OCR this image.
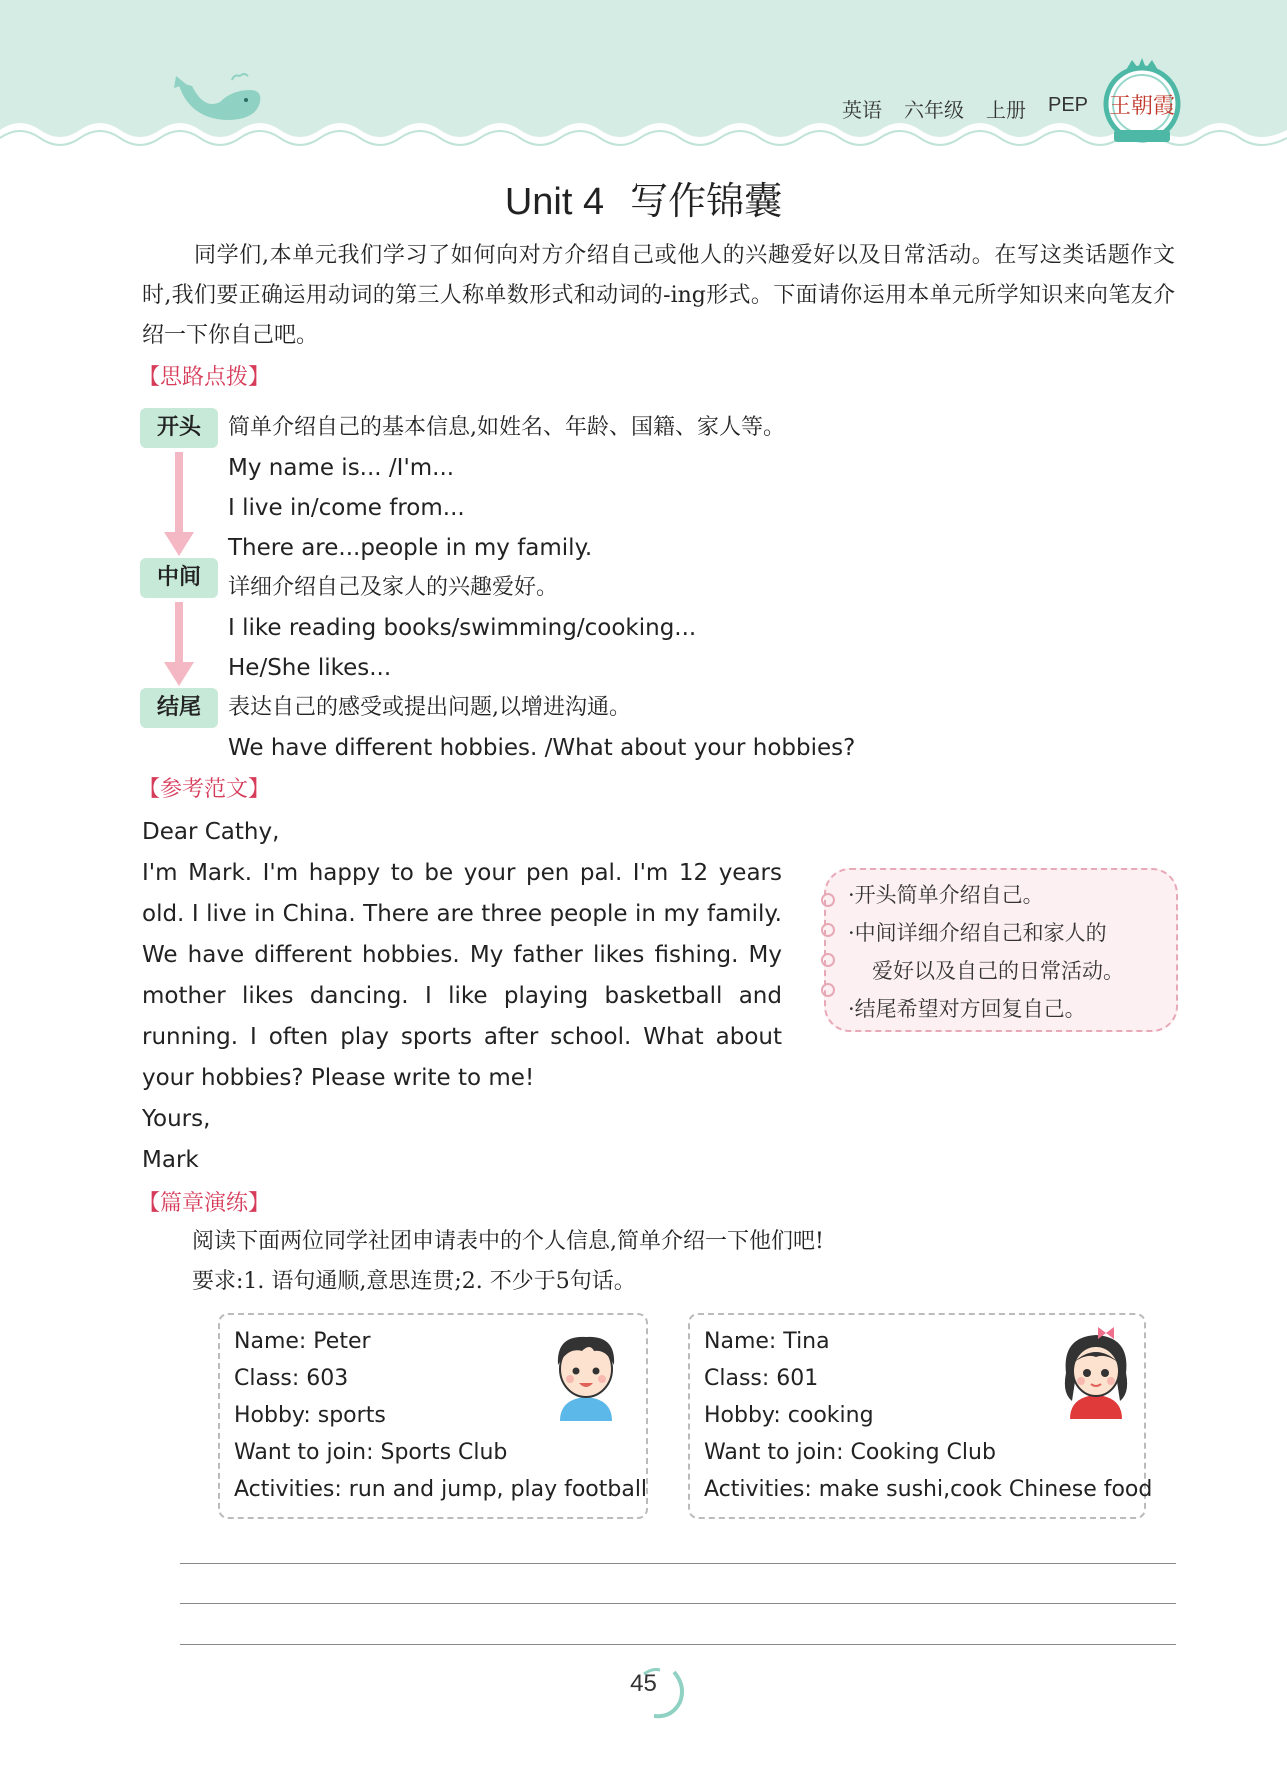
英语 六年级 上册 PEP 王朝霞
Unit 4 写作锦囊
同学们,本单元我们学习了如何向对方介绍自己或他人的兴趣爱好以及日常活动。在写这类话题作文时,我们要正确运用动词的第三人称单数形式和动词的-ing形式。下面请你运用本单元所学知识来向笔友介绍一下你自己吧。
【思路点拨】
开头	简单介绍自己的基本信息,如姓名、年龄、国籍、家人等。
My name is... /I'm...
I live in/come from...
There are...people in my family.
中间	详细介绍自己及家人的兴趣爱好。
I like reading books/swimming/cooking...
He/She likes...
结尾	表达自己的感受或提出问题,以增进沟通。
We have different hobbies. /What about your hobbies?
【参考范文】

Dear Cathy,

I'm Mark. I'm happy to be your pen pal. I'm 12 years old. I live in China. There are three people in my family. We have different hobbies. My father likes fishing. My mother likes dancing. I like playing basketball and running. I often play sports after school. What about your hobbies? Please write to me!

Yours,

Mark

·开头简单介绍自己。
·中间详细介绍自己和家人的
爱好以及自己的日常活动。
·结尾希望对方回复自己。
【篇章演练】
阅读下面两位同学社团申请表中的个人信息,简单介绍一下他们吧!
要求:1. 语句通顺,意思连贯;2. 不少于5句话。
Name: Peter
Class: 603
Hobby: sports
Want to join: Sports Club
Activities: run and jump, play football
Name: Tina
Class: 601
Hobby: cooking
Want to join: Cooking Club
Activities: make sushi,cook Chinese food
45
